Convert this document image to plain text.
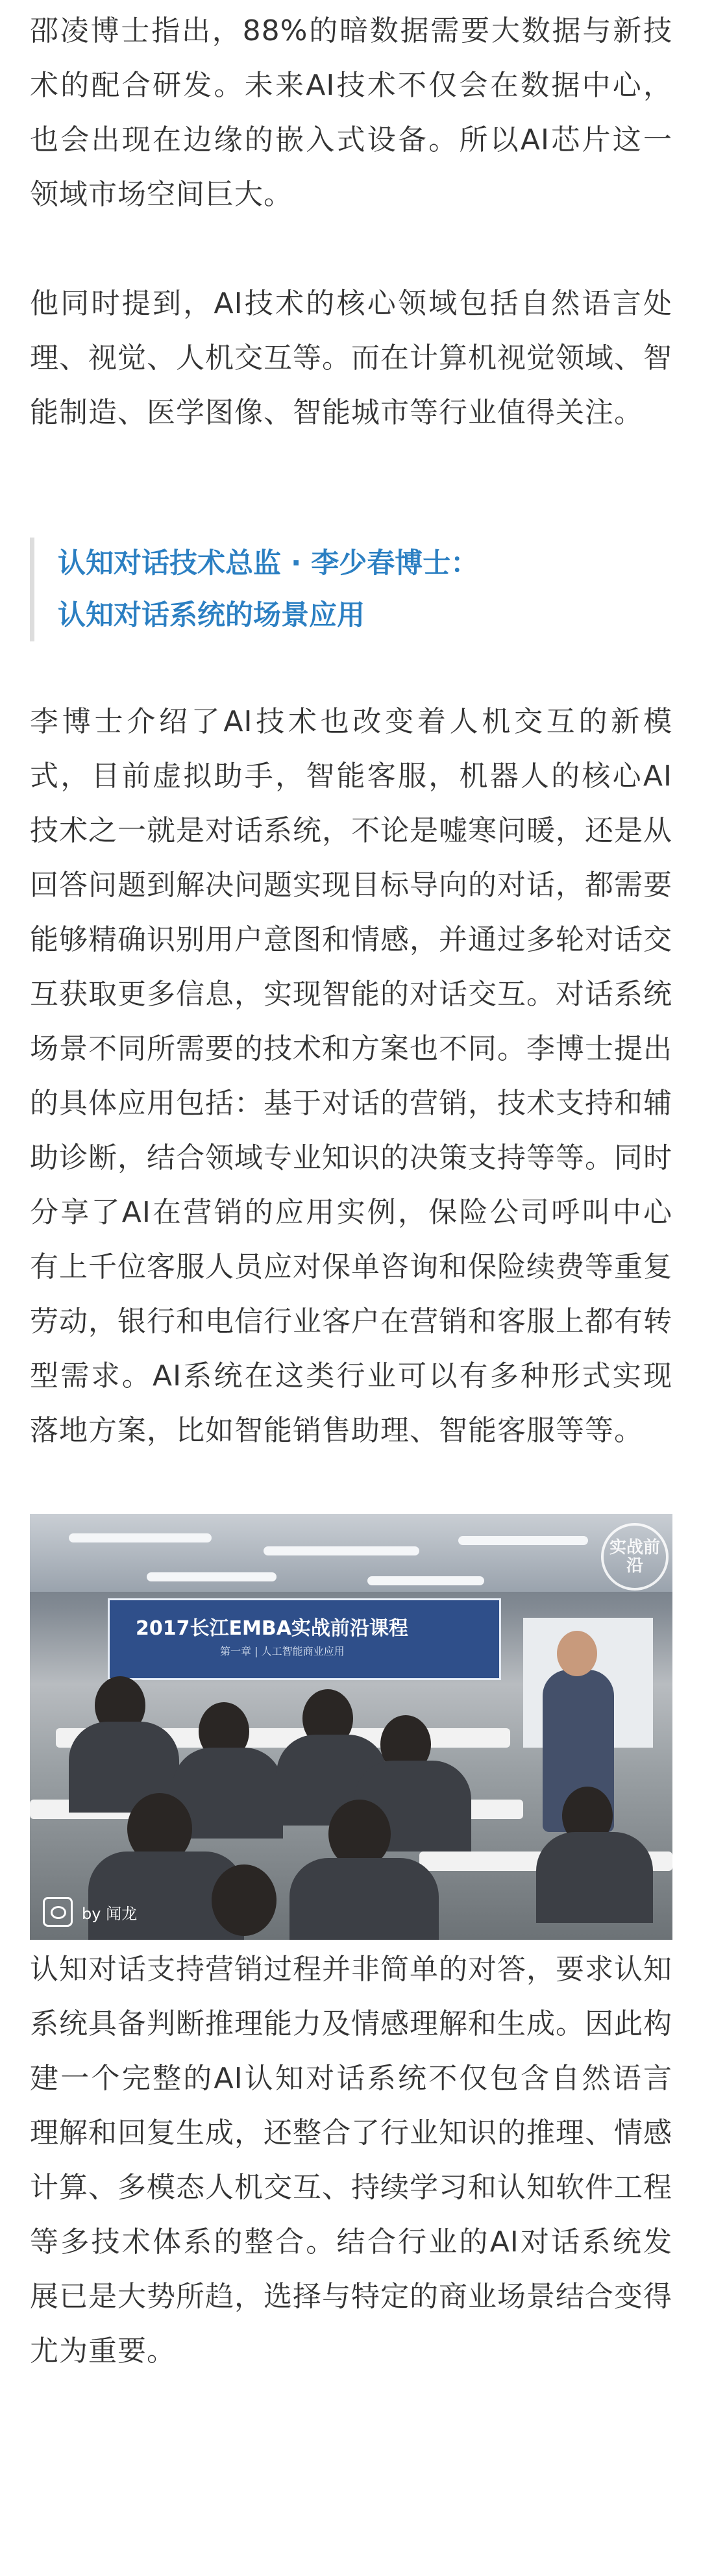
邵凌博士指出，88%的暗数据需要大数据与新技术的配合研发。未来AI技术不仅会在数据中心，也会出现在边缘的嵌入式设备。所以AI芯片这一领域市场空间巨大。

他同时提到，AI技术的核心领域包括自然语言处理、视觉、人机交互等。而在计算机视觉领域、智能制造、医学图像、智能城市等行业值得关注。

认知对话技术总监 · 李少春博士：
认知对话系统的场景应用

李博士介绍了AI技术也改变着人机交互的新模式，目前虚拟助手，智能客服，机器人的核心AI技术之一就是对话系统，不论是嘘寒问暖，还是从回答问题到解决问题实现目标导向的对话，都需要能够精确识别用户意图和情感，并通过多轮对话交互获取更多信息，实现智能的对话交互。对话系统场景不同所需要的技术和方案也不同。李博士提出的具体应用包括：基于对话的营销，技术支持和辅助诊断，结合领域专业知识的决策支持等等。同时分享了AI在营销的应用实例，保险公司呼叫中心有上千位客服人员应对保单咨询和保险续费等重复劳动，银行和电信行业客户在营销和客服上都有转型需求。AI系统在这类行业可以有多种形式实现落地方案，比如智能销售助理、智能客服等等。

2017长江EMBA实战前沿课程
第一章 | 人工智能商业应用
实战前沿
by 闻龙

认知对话支持营销过程并非简单的对答，要求认知系统具备判断推理能力及情感理解和生成。因此构建一个完整的AI认知对话系统不仅包含自然语言理解和回复生成，还整合了行业知识的推理、情感计算、多模态人机交互、持续学习和认知软件工程等多技术体系的整合。结合行业的AI对话系统发展已是大势所趋，选择与特定的商业场景结合变得尤为重要。
